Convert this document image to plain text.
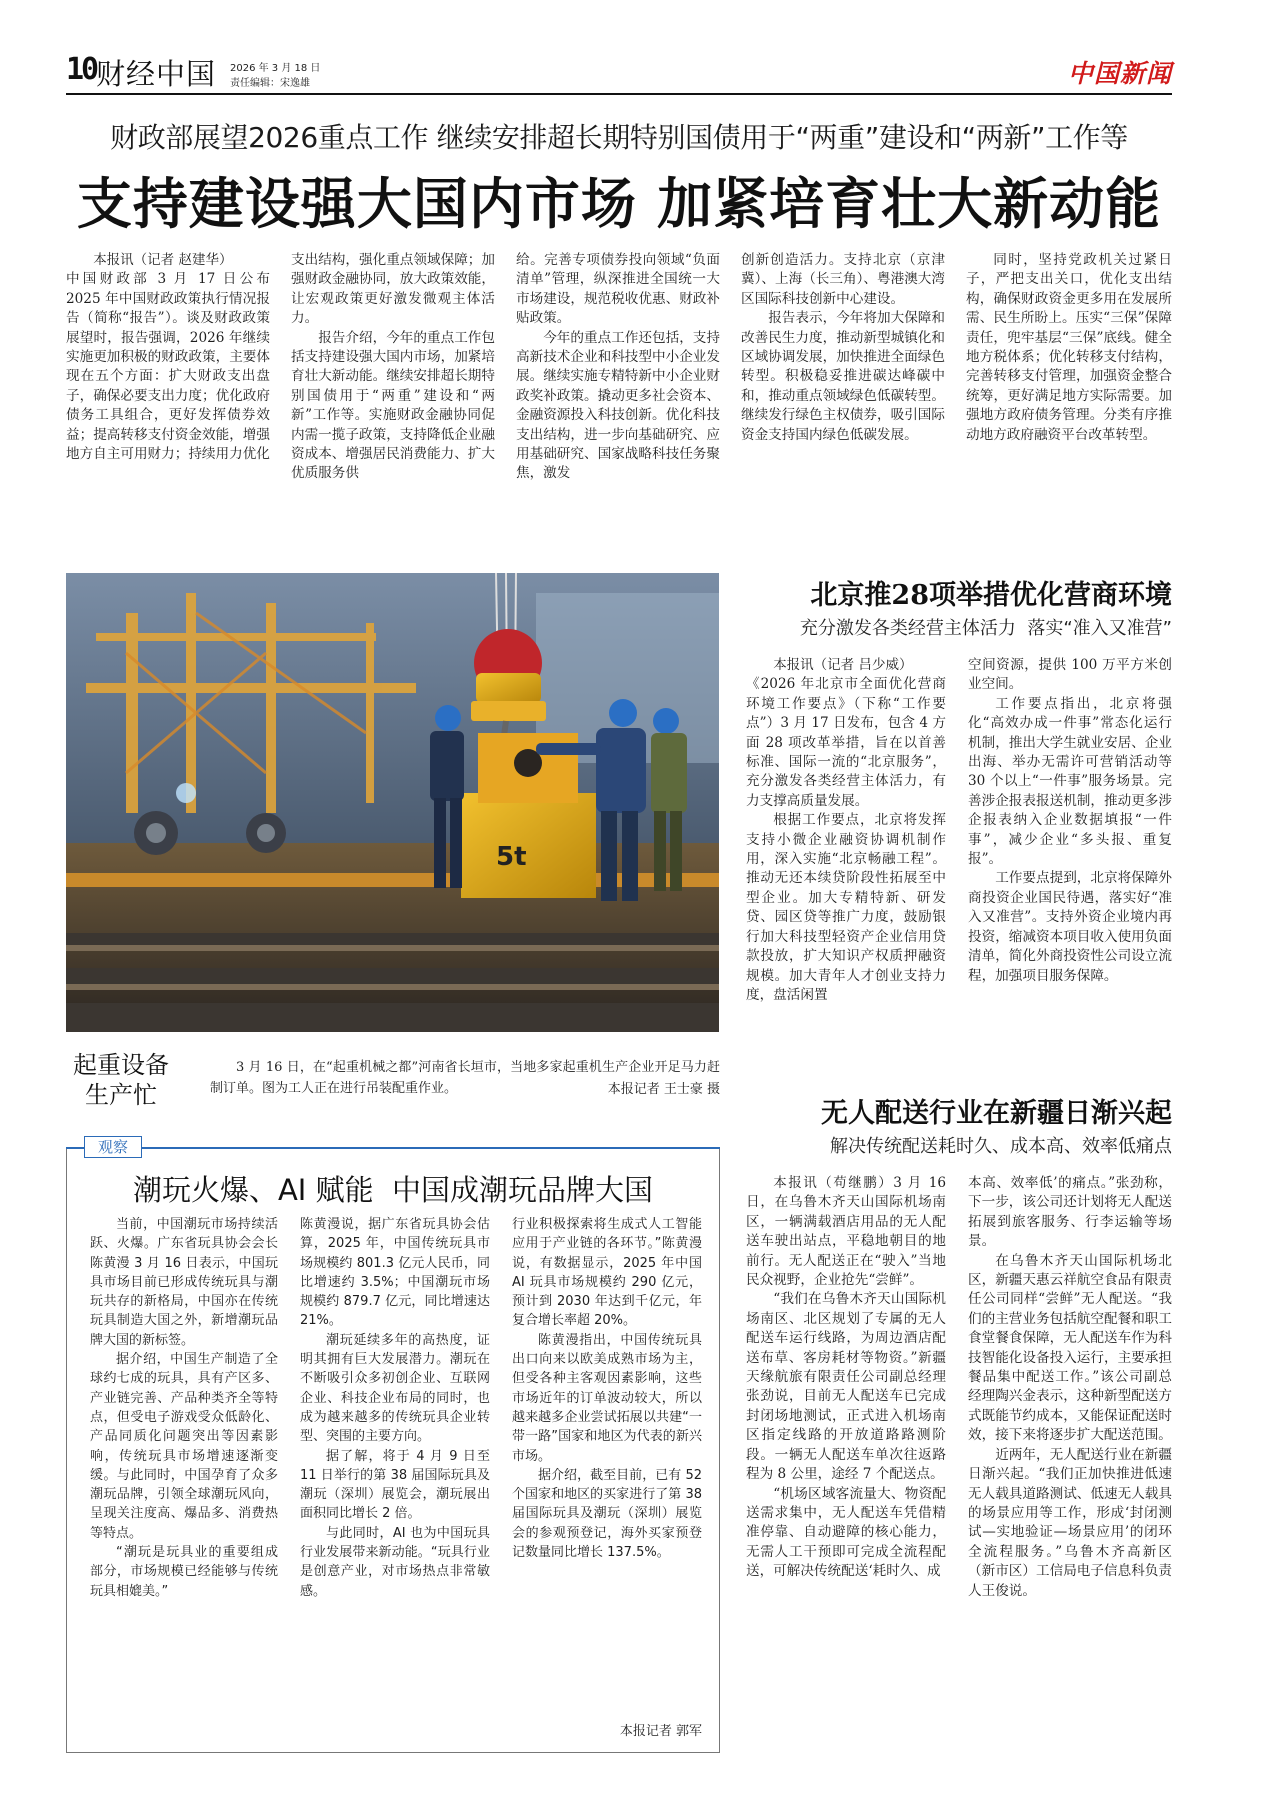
10 财经中国 2026 年 3 月 18 日
责任编辑：宋逸雄	中国新闻
财政部展望2026重点工作 继续安排超长期特别国债用于“两重”建设和“两新”工作等
支持建设强大国内市场 加紧培育壮大新动能

本报讯（记者 赵建华）

中国财政部 3 月 17 日公布 2025 年中国财政政策执行情况报告（简称“报告”）。谈及财政政策展望时，报告强调，2026 年继续实施更加积极的财政政策，主要体现在五个方面：扩大财政支出盘子，确保必要支出力度；优化政府债务工具组合，更好发挥债券效益；提高转移支付资金效能，增强地方自主可用财力；持续用力优化

支出结构，强化重点领域保障；加强财政金融协同，放大政策效能，让宏观政策更好激发微观主体活力。

报告介绍，今年的重点工作包括支持建设强大国内市场，加紧培育壮大新动能。继续安排超长期特别国债用于“两重”建设和“两新”工作等。实施财政金融协同促内需一揽子政策，支持降低企业融资成本、增强居民消费能力、扩大优质服务供

给。完善专项债券投向领域“负面清单”管理，纵深推进全国统一大市场建设，规范税收优惠、财政补贴政策。

今年的重点工作还包括，支持高新技术企业和科技型中小企业发展。继续实施专精特新中小企业财政奖补政策。撬动更多社会资本、金融资源投入科技创新。优化科技支出结构，进一步向基础研究、应用基础研究、国家战略科技任务聚焦，激发

创新创造活力。支持北京（京津冀）、上海（长三角）、粤港澳大湾区国际科技创新中心建设。

报告表示，今年将加大保障和改善民生力度，推动新型城镇化和区域协调发展，加快推进全面绿色转型。积极稳妥推进碳达峰碳中和，推动重点领域绿色低碳转型。继续发行绿色主权债券，吸引国际资金支持国内绿色低碳发展。

同时，坚持党政机关过紧日子，严把支出关口，优化支出结构，确保财政资金更多用在发展所需、民生所盼上。压实“三保”保障责任，兜牢基层“三保”底线。健全地方税体系；优化转移支付结构，完善转移支付管理，加强资金整合统筹，更好满足地方实际需要。加强地方政府债务管理。分类有序推动地方政府融资平台改革转型。

5t
起重设备
生产忙
3 月 16 日，在“起重机械之都”河南省长垣市，当地多家起重机生产企业开足马力赶制订单。图为工人正在进行吊装配重作业。	本报记者 王士豪 摄
北京推28项举措优化营商环境
充分激发各类经营主体活力  落实“准入又准营”

本报讯（记者 吕少威）

《2026 年北京市全面优化营商环境工作要点》（下称“工作要点”）3 月 17 日发布，包含 4 方面 28 项改革举措，旨在以首善标准、国际一流的“北京服务”，充分激发各类经营主体活力，有力支撑高质量发展。

根据工作要点，北京将发挥支持小微企业融资协调机制作用，深入实施“北京畅融工程”。推动无还本续贷阶段性拓展至中型企业。加大专精特新、研发贷、园区贷等推广力度，鼓励银行加大科技型轻资产企业信用贷款投放，扩大知识产权质押融资规模。加大青年人才创业支持力度，盘活闲置

空间资源，提供 100 万平方米创业空间。

工作要点指出，北京将强化“高效办成一件事”常态化运行机制，推出大学生就业安居、企业出海、举办无需许可营销活动等 30 个以上“一件事”服务场景。完善涉企报表报送机制，推动更多涉企报表纳入企业数据填报“一件事”，减少企业“多头报、重复报”。

工作要点提到，北京将保障外商投资企业国民待遇，落实好“准入又准营”。支持外资企业境内再投资，缩减资本项目收入使用负面清单，简化外商投资性公司设立流程，加强项目服务保障。

观察
潮玩火爆、AI 赋能  中国成潮玩品牌大国

当前，中国潮玩市场持续活跃、火爆。广东省玩具协会会长陈黄漫 3 月 16 日表示，中国玩具市场目前已形成传统玩具与潮玩共存的新格局，中国亦在传统玩具制造大国之外，新增潮玩品牌大国的新标签。

据介绍，中国生产制造了全球约七成的玩具，具有产区多、产业链完善、产品种类齐全等特点，但受电子游戏受众低龄化、产品同质化问题突出等因素影响，传统玩具市场增速逐渐变缓。与此同时，中国孕育了众多潮玩品牌，引领全球潮玩风向，呈现关注度高、爆品多、消费热等特点。

“潮玩是玩具业的重要组成部分，市场规模已经能够与传统玩具相媲美。”

陈黄漫说，据广东省玩具协会估算，2025 年，中国传统玩具市场规模约 801.3 亿元人民币，同比增速约 3.5%；中国潮玩市场规模约 879.7 亿元，同比增速达 21%。

潮玩延续多年的高热度，证明其拥有巨大发展潜力。潮玩在不断吸引众多初创企业、互联网企业、科技企业布局的同时，也成为越来越多的传统玩具企业转型、突围的主要方向。

据了解，将于 4 月 9 日至 11 日举行的第 38 届国际玩具及潮玩（深圳）展览会，潮玩展出面积同比增长 2 倍。

与此同时，AI 也为中国玩具行业发展带来新动能。“玩具行业是创意产业，对市场热点非常敏感。

行业积极探索将生成式人工智能应用于产业链的各环节。”陈黄漫说，有数据显示，2025 年中国 AI 玩具市场规模约 290 亿元，预计到 2030 年达到千亿元，年复合增长率超 20%。

陈黄漫指出，中国传统玩具出口向来以欧美成熟市场为主，但受各种主客观因素影响，这些市场近年的订单波动较大，所以越来越多企业尝试拓展以共建“一带一路”国家和地区为代表的新兴市场。

据介绍，截至目前，已有 52 个国家和地区的买家进行了第 38 届国际玩具及潮玩（深圳）展览会的参观预登记，海外买家预登记数量同比增长 137.5%。

本报记者 郭军
无人配送行业在新疆日渐兴起
解决传统配送耗时久、成本高、效率低痛点

本报讯（苟继鹏）3 月 16 日，在乌鲁木齐天山国际机场南区，一辆满载酒店用品的无人配送车驶出站点，平稳地朝目的地前行。无人配送正在“驶入”当地民众视野，企业抢先“尝鲜”。

“我们在乌鲁木齐天山国际机场南区、北区规划了专属的无人配送车运行线路，为周边酒店配送布草、客房耗材等物资。”新疆天缘航旅有限责任公司副总经理张劲说，目前无人配送车已完成封闭场地测试，正式进入机场南区指定线路的开放道路路测阶段。一辆无人配送车单次往返路程为 8 公里，途经 7 个配送点。

“机场区域客流量大、物资配送需求集中，无人配送车凭借精准停靠、自动避障的核心能力，无需人工干预即可完成全流程配送，可解决传统配送‘耗时久、成

本高、效率低’的痛点。”张劲称，下一步，该公司还计划将无人配送拓展到旅客服务、行李运输等场景。

在乌鲁木齐天山国际机场北区，新疆天惠云祥航空食品有限责任公司同样“尝鲜”无人配送。“我们的主营业务包括航空配餐和职工食堂餐食保障，无人配送车作为科技智能化设备投入运行，主要承担餐品集中配送工作。”该公司副总经理陶兴金表示，这种新型配送方式既能节约成本，又能保证配送时效，接下来将逐步扩大配送范围。

近两年，无人配送行业在新疆日渐兴起。“我们正加快推进低速无人载具道路测试、低速无人载具的场景应用等工作，形成‘封闭测试—实地验证—场景应用’的闭环全流程服务。”乌鲁木齐高新区（新市区）工信局电子信息科负责人王俊说。
